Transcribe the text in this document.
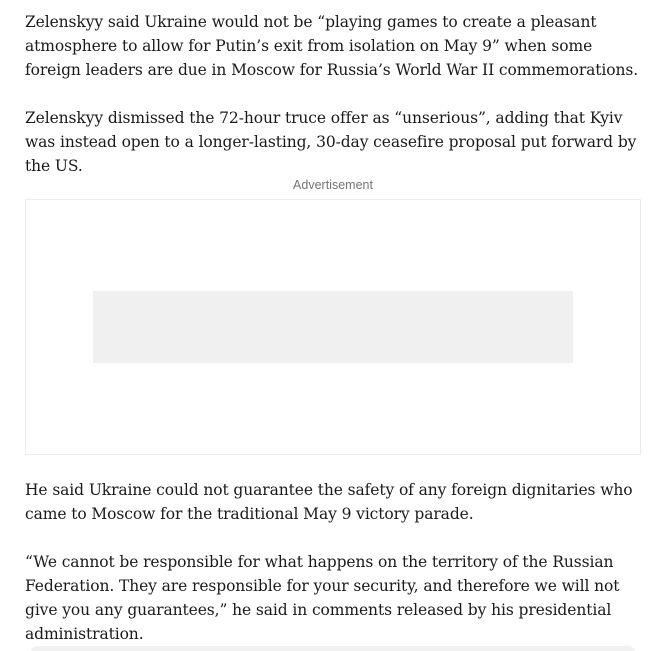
Zelenskyy said Ukraine would not be “playing games to create a pleasant atmosphere to allow for Putin’s exit from isolation on May 9” when some foreign leaders are due in Moscow for Russia’s World War II commemorations.

Zelenskyy dismissed the 72-hour truce offer as “unserious”, adding that Kyiv was instead open to a longer-lasting, 30-day ceasefire proposal put forward by the US.

Advertisement

He said Ukraine could not guarantee the safety of any foreign dignitaries who came to Moscow for the traditional May 9 victory parade.

“We cannot be responsible for what happens on the territory of the Russian Federation. They are responsible for your security, and therefore we will not give you any guarantees,” he said in comments released by his presidential administration.
